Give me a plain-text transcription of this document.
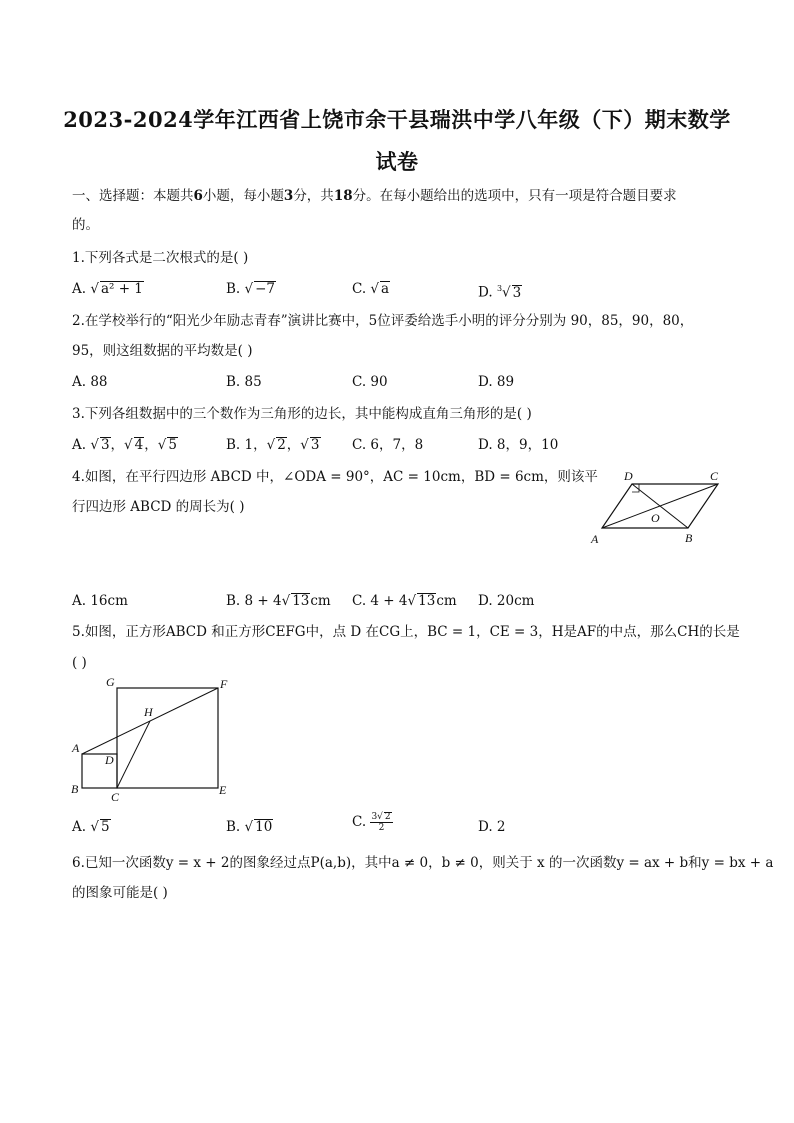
2023-2024学年江西省上饶市余干县瑞洪中学八年级（下）期末数学
试卷
一、选择题：本题共6小题，每小题3分，共18分。在每小题给出的选项中，只有一项是符合题目要求
的。
1.下列各式是二次根式的是( )
A. √ a² + 1	B. √ −7	C. √ a	D. $^3$√ 3
2.在学校举行的“阳光少年励志青春”演讲比赛中，5位评委给选手小明的评分分别为 90，85，90，80，
95，则这组数据的平均数是( )
A. 88	B. 85	C. 90	D. 89
3.下列各组数据中的三个数作为三角形的边长，其中能构成直角三角形的是( )
A. √ 3，√ 4，√ 5	B. 1，√ 2，√ 3 C. 6，7，8	D. 8，9，10
4.如图，在平行四边形 ABCD 中，∠ODA = 90°，AC = 10cm，BD = 6cm，则该平
行四边形 ABCD 的周长为( )
A	B
C
D
O
A. 16cm	B. 8 + 4√ 13cm C. 4 + 4√ 13cm D. 20cm
5.如图，正方形ABCD 和正方形CEFG中，点 D 在CG上，BC = 1，CE = 3，H是AF的中点，那么CH的长是
( )
G	F
H
A
D
B
C	E
A. √ 5	B. √ 10	C. $\frac{3√ 2}{2}$	D. 2
6.已知一次函数y = x + 2的图象经过点P(a,b)，其中a ≠ 0，b ≠ 0，则关于 x 的一次函数y = ax + b和y = bx + a
的图象可能是( )
